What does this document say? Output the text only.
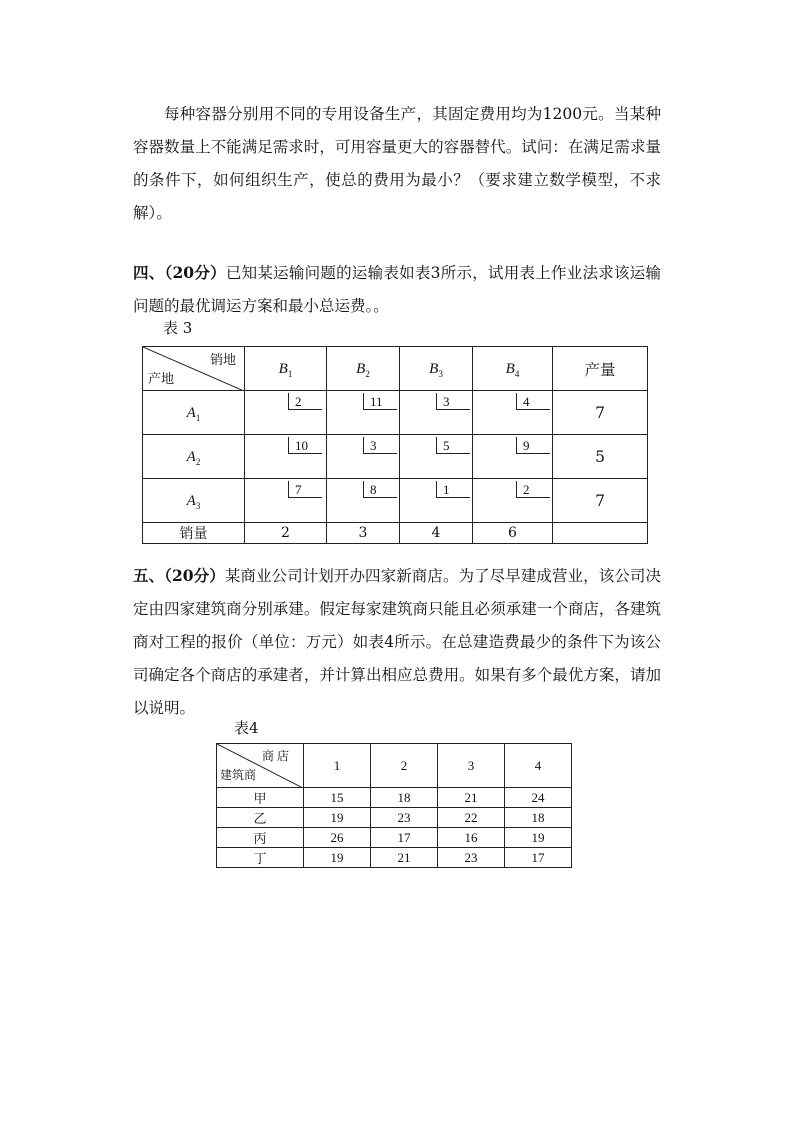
每种容器分别用不同的专用设备生产，其固定费用均为1200元。当某种容器数量上不能满足需求时，可用容量更大的容器替代。试问：在满足需求量的条件下，如何组织生产，使总的费用为最小？（要求建立数学模型，不求解）。

四、（20分）已知某运输问题的运输表如表3所示，试用表上作业法求该运输问题的最优调运方案和最小总运费。。

表 3
销地
产地	$B_1$	$B_2$	$B_3$	$B_4$	产量
$A_1$	2	11	3	4	7
$A_2$	10	3	5	9	5
$A_3$	7	8	1	2	7
销量	2	3	4	6	

五、（20分）某商业公司计划开办四家新商店。为了尽早建成营业，该公司决定由四家建筑商分别承建。假定每家建筑商只能且必须承建一个商店，各建筑商对工程的报价（单位：万元）如表4所示。在总建造费最少的条件下为该公司确定各个商店的承建者，并计算出相应总费用。如果有多个最优方案，请加以说明。

表4
商 店
建筑商	1	2	3	4
甲	15	18	21	24
乙	19	23	22	18
丙	26	17	16	19
丁	19	21	23	17
